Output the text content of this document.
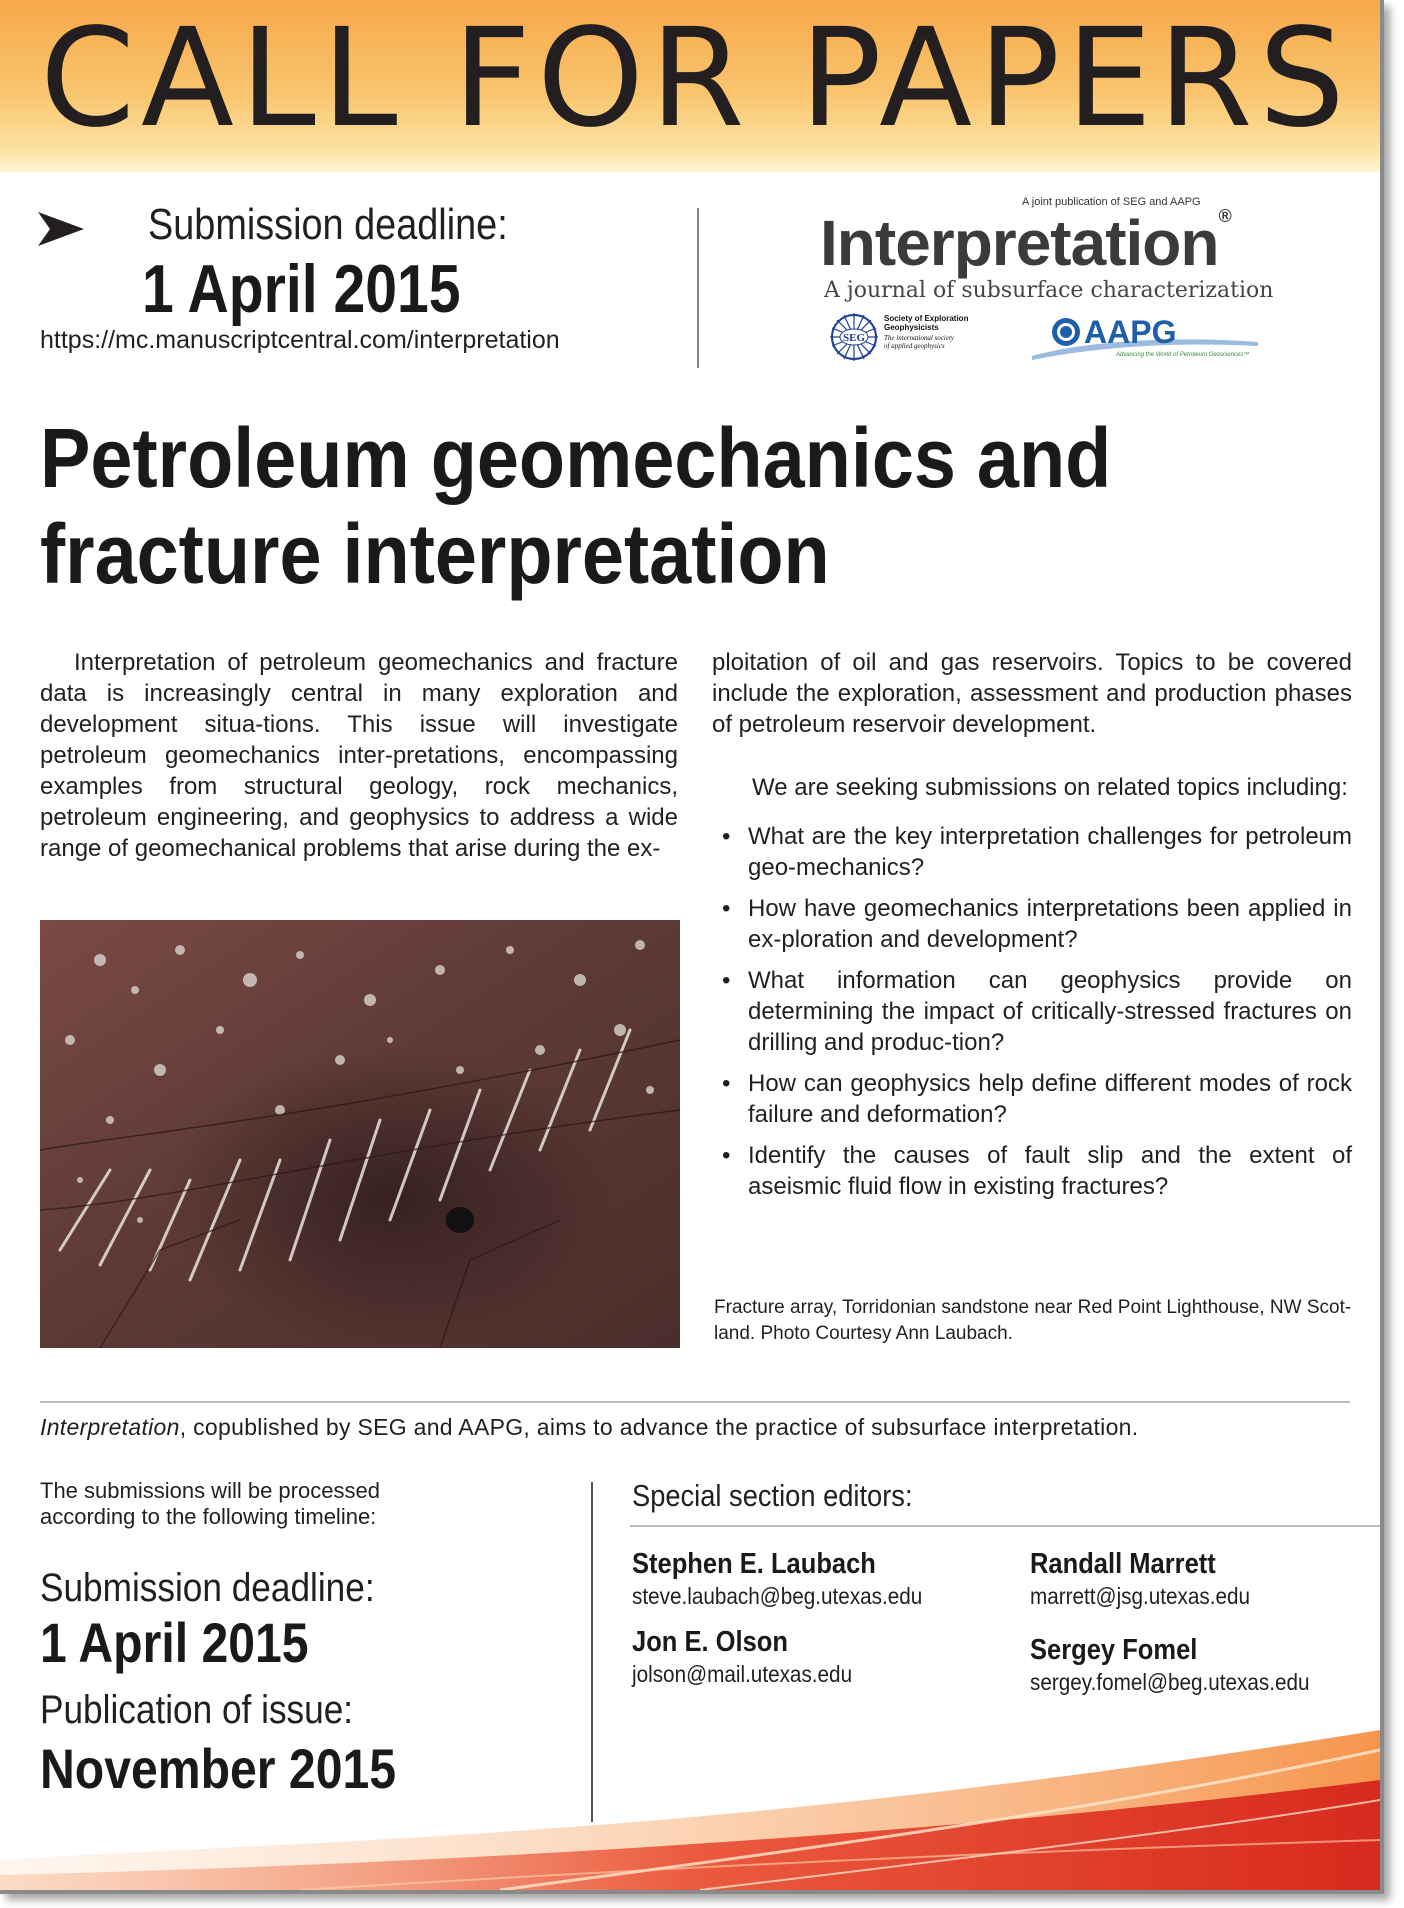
CALL FOR PAPERS
Submission deadline:
1 April 2015
https://mc.manuscriptcentral.com/interpretation
A joint publication of SEG and AAPG
Interpretation®
A journal of subsurface characterization
SEG
Society of Exploration
Geophysicists
The international society
of applied geophysics	AAPG
Advancing the World of Petroleum Geosciences™
Petroleum geomechanics and fracture interpretation

Interpretation of petroleum geomechanics and fracture data is increasingly central in many exploration and development situa-tions. This issue will investigate petroleum geomechanics inter-pretations, encompassing examples from structural geology, rock mechanics, petroleum engineering, and geophysics to address a wide range of geomechanical problems that arise during the ex-

ploitation of oil and gas reservoirs. Topics to be covered include the exploration, assessment and production phases of petroleum reservoir development.

We are seeking submissions on related topics including:

• What are the key interpretation challenges for petroleum geo-mechanics?
• How have geomechanics interpretations been applied in ex-ploration and development?
• What information can geophysics provide on determining the impact of critically-stressed fractures on drilling and produc-tion?
• How can geophysics help define different modes of rock failure and deformation?
• Identify the causes of fault slip and the extent of aseismic fluid flow in existing fractures?
Fracture array, Torridonian sandstone near Red Point Lighthouse, NW Scot-land. Photo Courtesy Ann Laubach.
Interpretation, copublished by SEG and AAPG, aims to advance the practice of subsurface interpretation.
The submissions will be processed according to the following timeline:
Submission deadline:
1 April 2015
Publication of issue:
November 2015
Special section editors:
Stephen E. Laubach
steve.laubach@beg.utexas.edu
Randall Marrett
marrett@jsg.utexas.edu
Jon E. Olson
jolson@mail.utexas.edu
Sergey Fomel
sergey.fomel@beg.utexas.edu
